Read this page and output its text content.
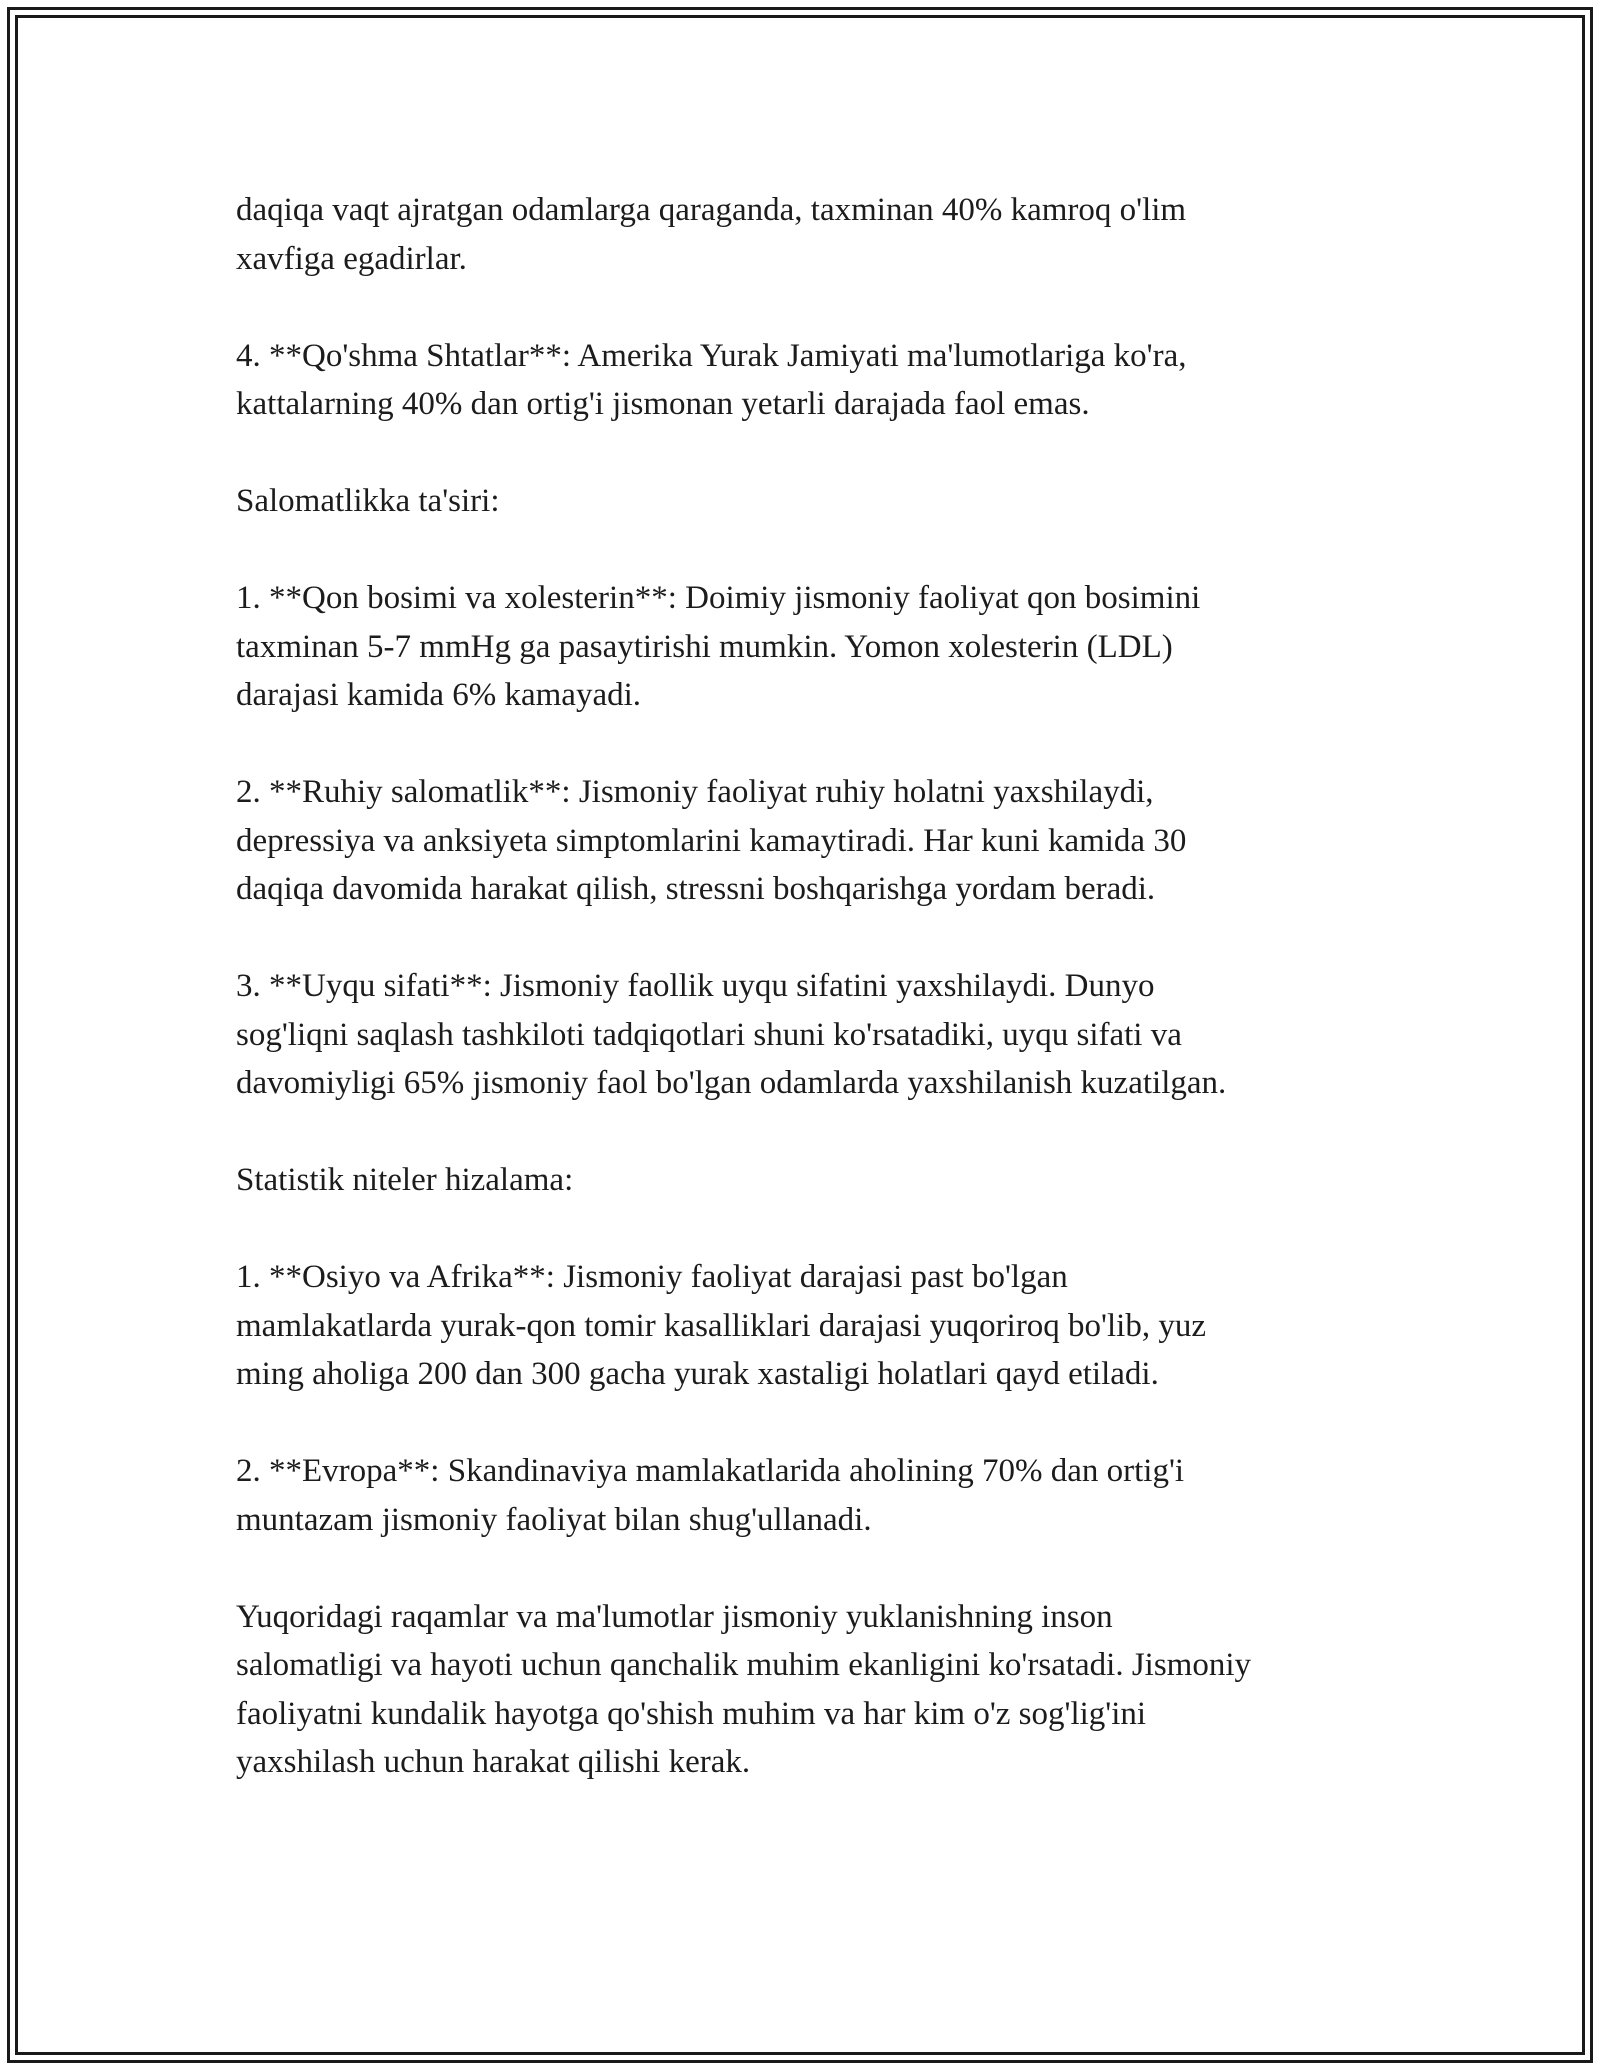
daqiqa vaqt ajratgan odamlarga qaraganda, taxminan 40% kamroq o'lim
xavfiga egadirlar.

4. **Qo'shma Shtatlar**: Amerika Yurak Jamiyati ma'lumotlariga ko'ra,
kattalarning 40% dan ortig'i jismonan yetarli darajada faol emas.

Salomatlikka ta'siri:

1. **Qon bosimi va xolesterin**: Doimiy jismoniy faoliyat qon bosimini
taxminan 5-7 mmHg ga pasaytirishi mumkin. Yomon xolesterin (LDL)
darajasi kamida 6% kamayadi.

2. **Ruhiy salomatlik**: Jismoniy faoliyat ruhiy holatni yaxshilaydi,
depressiya va anksiyeta simptomlarini kamaytiradi. Har kuni kamida 30
daqiqa davomida harakat qilish, stressni boshqarishga yordam beradi.

3. **Uyqu sifati**: Jismoniy faollik uyqu sifatini yaxshilaydi. Dunyo
sog'liqni saqlash tashkiloti tadqiqotlari shuni ko'rsatadiki, uyqu sifati va
davomiyligi 65% jismoniy faol bo'lgan odamlarda yaxshilanish kuzatilgan.

Statistik niteler hizalama:

1. **Osiyo va Afrika**: Jismoniy faoliyat darajasi past bo'lgan
mamlakatlarda yurak-qon tomir kasalliklari darajasi yuqoriroq bo'lib, yuz
ming aholiga 200 dan 300 gacha yurak xastaligi holatlari qayd etiladi.

2. **Evropa**: Skandinaviya mamlakatlarida aholining 70% dan ortig'i
muntazam jismoniy faoliyat bilan shug'ullanadi.

Yuqoridagi raqamlar va ma'lumotlar jismoniy yuklanishning inson
salomatligi va hayoti uchun qanchalik muhim ekanligini ko'rsatadi. Jismoniy
faoliyatni kundalik hayotga qo'shish muhim va har kim o'z sog'lig'ini
yaxshilash uchun harakat qilishi kerak.
